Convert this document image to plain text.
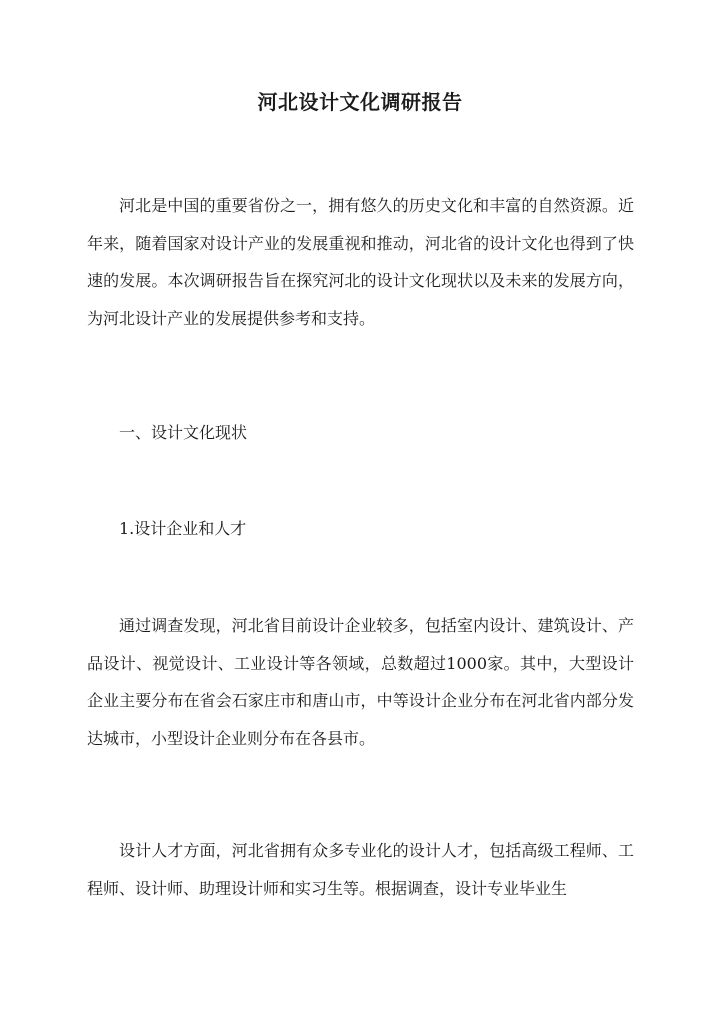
河北设计文化调研报告

河北是中国的重要省份之一，拥有悠久的历史文化和丰富的自然资源。近年来，随着国家对设计产业的发展重视和推动，河北省的设计文化也得到了快速的发展。本次调研报告旨在探究河北的设计文化现状以及未来的发展方向，为河北设计产业的发展提供参考和支持。

一、设计文化现状

1.设计企业和人才

通过调查发现，河北省目前设计企业较多，包括室内设计、建筑设计、产品设计、视觉设计、工业设计等各领域，总数超过1000家。其中，大型设计企业主要分布在省会石家庄市和唐山市，中等设计企业分布在河北省内部分发达城市，小型设计企业则分布在各县市。

设计人才方面，河北省拥有众多专业化的设计人才，包括高级工程师、工程师、设计师、助理设计师和实习生等。根据调查，设计专业毕业生
